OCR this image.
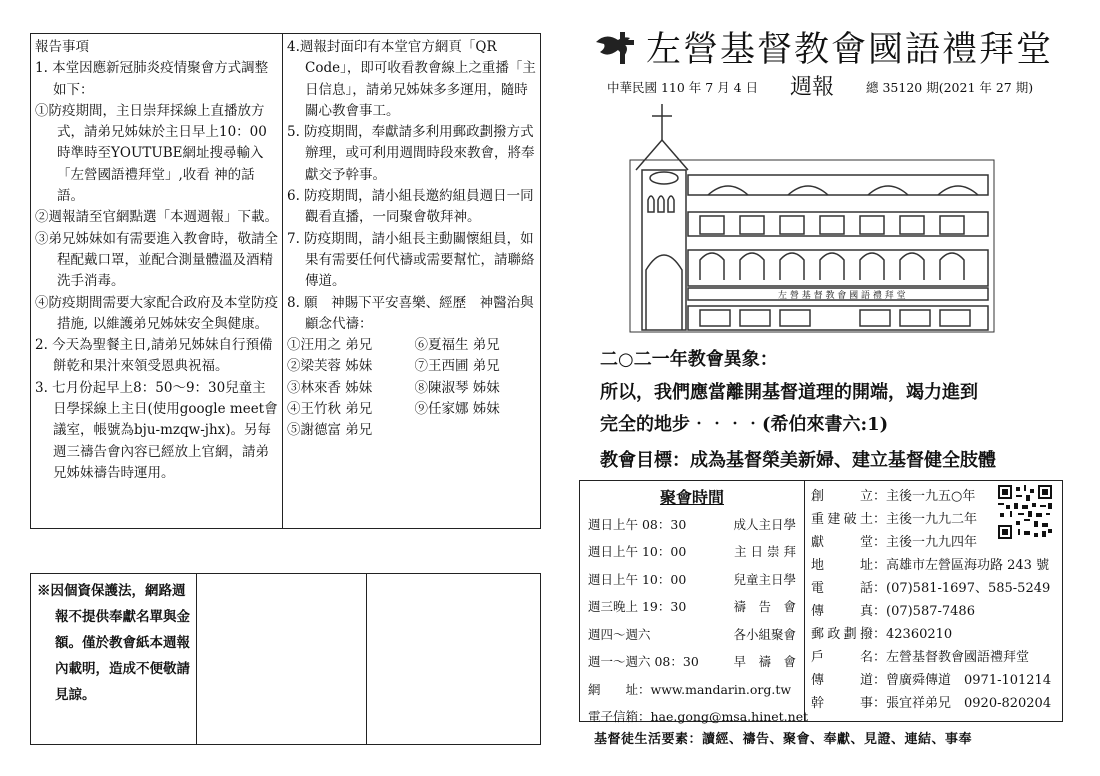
報告事項

1. 本堂因應新冠肺炎疫情聚會方式調整如下：

①防疫期間，主日崇拜採線上直播放方式，請弟兄姊妹於主日早上10：00時準時至YOUTUBE網址搜尋輸入「左營國語禮拜堂」,收看 神的話語。

②週報請至官網點選「本週週報」下載。

③弟兄姊妹如有需要進入教會時，敬請全程配戴口罩，並配合測量體溫及酒精洗手消毒。

④防疫期間需要大家配合政府及本堂防疫措施, 以維護弟兄姊妹安全與健康。

2. 今天為聖餐主日,請弟兄姊妹自行預備餅乾和果汁來領受恩典祝福。

3. 七月份起早上8：50～9：30兒童主日學採線上主日(使用google meet會議室，帳號為bju-mzqw-jhx)。另每週三禱告會內容已經放上官網，請弟兄姊妹禱告時運用。

4.週報封面印有本堂官方網頁「QR Code」，即可收看教會線上之重播「主日信息」，請弟兄姊妹多多運用，隨時關心教會事工。

5. 防疫期間，奉獻請多利用郵政劃撥方式辦理，或可利用週間時段來教會，將奉獻交予幹事。

6. 防疫期間，請小組長邀約組員週日一同觀看直播，一同聚會敬拜神。

7. 防疫期間，請小組長主動關懷組員，如果有需要任何代禱或需要幫忙，請聯絡傳道。

8. 願　神賜下平安喜樂、經歷　神醫治與顧念代禱：

①汪用之 弟兄	⑥夏福生 弟兄
②梁芙蓉 姊妹	⑦王西圃 弟兄
③林來香 姊妹	⑧陳淑琴 姊妹
④王竹秋 弟兄	⑨任家娜 姊妹
⑤謝德富 弟兄

※因個資保護法，網路週報不提供奉獻名單與金額。僅於教會紙本週報內載明，造成不便敬請見諒。

左營基督教會國語禮拜堂
中華民國 110 年 7 月 4 日 週報	總 35120 期(2021 年 27 期)
左 營 基 督 教 會 國 語 禮 拜 堂
二○二一年教會異象：
所以，我們應當離開基督道理的開端，竭力進到
完全的地步‧‧‧‧(希伯來書六:1)
教會目標：成為基督榮美新婦、建立基督健全肢體
聚會時間
週日上午 08：30	成人主日學
週日上午 10：00	主 日 崇 拜
週日上午 10：00	兒童主日學
週三晚上 19：30	禱　告　會
週四～週六	各小組聚會
週一～週六 08：30	早　禱　會
網　　址：www.mandarin.org.tw
電子信箱：hae.gong@msa.hinet.net
創立 ：主後一九五○年
重建破土 ：主後一九九二年
獻堂 ：主後一九九四年
地址 ：高雄市左營區海功路 243 號
電話 ：(07)581-1697、585-5249
傳真 ：(07)587-7486
郵政劃撥 ：42360210
戶名 ：左營基督教會國語禮拜堂
傳道 ：曾廣舜傳道　0971-101214
幹事 ：張宜祥弟兄　0920-820204
基督徒生活要素：讀經、禱告、聚會、奉獻、見證、連結、事奉
